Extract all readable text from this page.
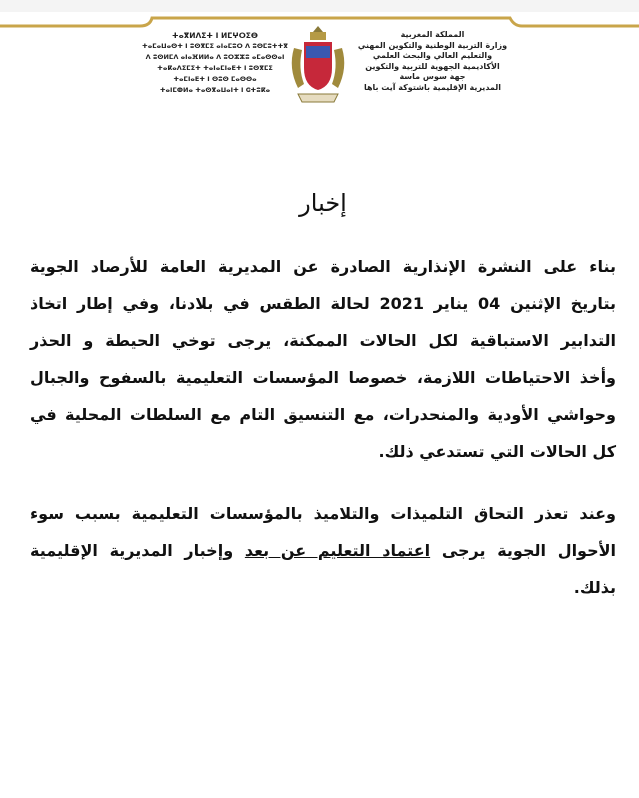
ⵜⴰⴳⵍⴷⵉⵜ ⵏ ⵍⵎⵖⵔⵉⴱ
ⵜⴰⵎⴰⵡⴰⵙⵜ ⵏ ⵓⵙⴳⵎⵉ ⴰⵏⴰⵎⵓⵔ ⴷ ⵓⵙⵎⵓⵜⵜⴳ
ⴷ ⵓⵙⵍⵎⴷ ⴰⵏⴰⴼⵍⵍⴰ ⴷ ⵓⵔⵣⵣⵓ ⴰⵎⴰⵙⵙⴰⵏ
ⵜⴰⴽⴰⴷⵉⵎⵉⵜ ⵜⴰⵏⴰⵎⵏⴰⴹⵜ ⵏ ⵓⵙⴳⵎⵉ
ⵜⴰⵎⵏⴰⴹⵜ ⵏ ⵙⵓⵙ ⵎⴰⵙⵙⴰ
ⵜⴰⵏⵎⵀⵍⴰ ⵜⴰⵙⴳⴰⵡⴰⵏⵜ ⵏ ⵛⵜⵓⴽⴰ
المملكة المغربية
وزارة التربية الوطنية والتكوين المهني
والتعليم العالي والبحث العلمي
الأكاديمية الجهوية للتربية والتكوين
جهة سوس ماسة
المديرية الإقليمية باشتوكة آيت باها
إخبار
بناء على النشرة الإنذارية الصادرة عن المديرية العامة للأرصاد الجوية
بتاريخ الإثنين 04 يناير 2021 لحالة الطقس في بلادنا، وفي إطار اتخاذ
التدابير الاستباقية لكل الحالات الممكنة، يرجى توخي الحيطة و الحذر
وأخذ الاحتياطات اللازمة، خصوصا المؤسسات التعليمية بالسفوح والجبال
وحواشي الأودية والمنحدرات، مع التنسيق التام مع السلطات المحلية في
كل الحالات التي تستدعي ذلك.
وعند تعذر التحاق التلميذات والتلاميذ بالمؤسسات التعليمية بسبب سوء
الأحوال الجوية يرجى اعتماد التعليم عن بعد وإخبار المديرية الإقليمية
بذلك.
